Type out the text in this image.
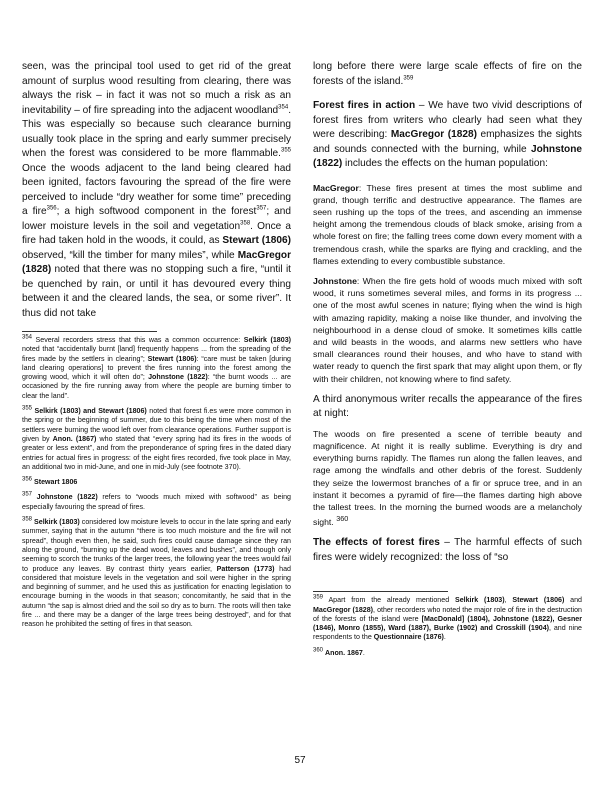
seen, was the principal tool used to get rid of the great amount of surplus wood resulting from clearing, there was always the risk – in fact it was not so much a risk as an inevitability – of fire spreading into the adjacent woodland$^{354}$. This was especially so because such clearance burning usually took place in the spring and early summer precisely when the forest was considered to be more flammable.$^{355}$ Once the woods adjacent to the land being cleared had been ignited, factors favouring the spread of the fire were perceived to include “dry weather for some time” preceding a fire$^{356}$; a high softwood component in the forest$^{357}$; and lower moisture levels in the soil and vegetation$^{358}$. Once a fire had taken hold in the woods, it could, as Stewart (1806) observed, “kill the timber for many miles”, while MacGregor (1828) noted that there was no stopping such a fire, “until it be quenched by rain, or until it has devoured every thing between it and the cleared lands, the sea, or some river”. It thus did not take

$^{354}$ Several recorders stress that this was a common occurrence: Selkirk (1803) noted that “accidentally burnt [land] frequently happens ... from the spreading of the fires made by the settlers in clearing”; Stewart (1806): “care must be taken [during land clearing operations] to prevent the fires running into the forest among the growing wood, which it will often do”; Johnstone (1822): “the burnt woods ... are occasioned by the fire running away from where the people are burning timber to clear the land”.

$^{355}$ Selkirk (1803) and Stewart (1806) noted that forest fi.es were more common in the spring or the beginning of summer, due to this being the time when most of the settlers were burning the wood left over from clearance operations. Further support is given by Anon. (1867) who stated that “every spring had its fires in the woods of greater or less extent”, and from the preponderance of spring fires in the dated diary entries for actual fires in progress: of the eight fires recorded, five took place in May, an additional two in mid-June, and one in mid-July (see footnote 370).

$^{356}$ Stewart 1806

$^{357}$ Johnstone (1822) refers to “woods much mixed with softwood” as being especially favouring the spread of fires.

$^{358}$ Selkirk (1803) considered low moisture levels to occur in the late spring and early summer, saying that in the autumn “there is too much moisture and the fire will not spread”, though even then, he said, such fires could cause damage since they ran along the ground, “burning up the dead wood, leaves and bushes”, and though only seeming to scorch the trunks of the larger trees, the following year the trees would fail to produce any leaves. By contrast thirty years earlier, Patterson (1773) had considered that moisture levels in the vegetation and soil were higher in the spring and beginning of summer, and he used this as justification for enacting legislation to encourage burning in the woods in that season; concomitantly, he said that in the autumn “the sap is almost dried and the soil so dry as to burn. The roots will then take fire ... and there may be a danger of the large trees being destroyed”, and for that reason he prohibited the setting of fires in that season.

long before there were large scale effects of fire on the forests of the island.$^{359}$

Forest fires in action – We have two vivid descriptions of forest fires from writers who clearly had seen what they were describing: MacGregor (1828) emphasizes the sights and sounds connected with the burning, while Johnstone (1822) includes the effects on the human population:

MacGregor: These fires present at times the most sublime and grand, though terrific and destructive appearance. The flames are seen rushing up the tops of the trees, and ascending an immense height among the tremendous clouds of black smoke, arising from a whole forest on fire; the falling trees come down every moment with a tremendous crash, while the sparks are flying and crackling, and the flames extending to every combustible substance.

Johnstone: When the fire gets hold of woods much mixed with soft wood, it runs sometimes several miles, and forms in its progress ... one of the most awful scenes in nature; flying when the wind is high with amazing rapidity, making a noise like thunder, and involving the neighbourhood in a dense cloud of smoke. It sometimes kills cattle and wild beasts in the woods, and alarms new settlers who have small clearances round their houses, and who have to stand with water ready to quench the first spark that may alight upon them, or fly with their children, not knowing where to find safety.

A third anonymous writer recalls the appearance of the fires at night:

The woods on fire presented a scene of terrible beauty and magnificence. At night it is really sublime. Everything is dry and everything burns rapidly. The flames run along the fallen leaves, and rage among the windfalls and other debris of the forest. Suddenly they seize the lowermost branches of a fir or spruce tree, and in an instant it becomes a pyramid of fire—the flames darting high above the tallest trees. In the morning the burned woods are a melancholy sight. $^{360}$

The effects of forest fires – The harmful effects of such fires were widely recognized: the loss of “so

$^{359}$ Apart from the already mentioned Selkirk (1803), Stewart (1806) and MacGregor (1828), other recorders who noted the major role of fire in the destruction of the forests of the island were [MacDonald] (1804), Johnstone (1822), Gesner (1846), Monro (1855), Ward (1887), Burke (1902) and Crosskill (1904), and nine respondents to the Questionnaire (1876).

$^{360}$ Anon. 1867.

57
